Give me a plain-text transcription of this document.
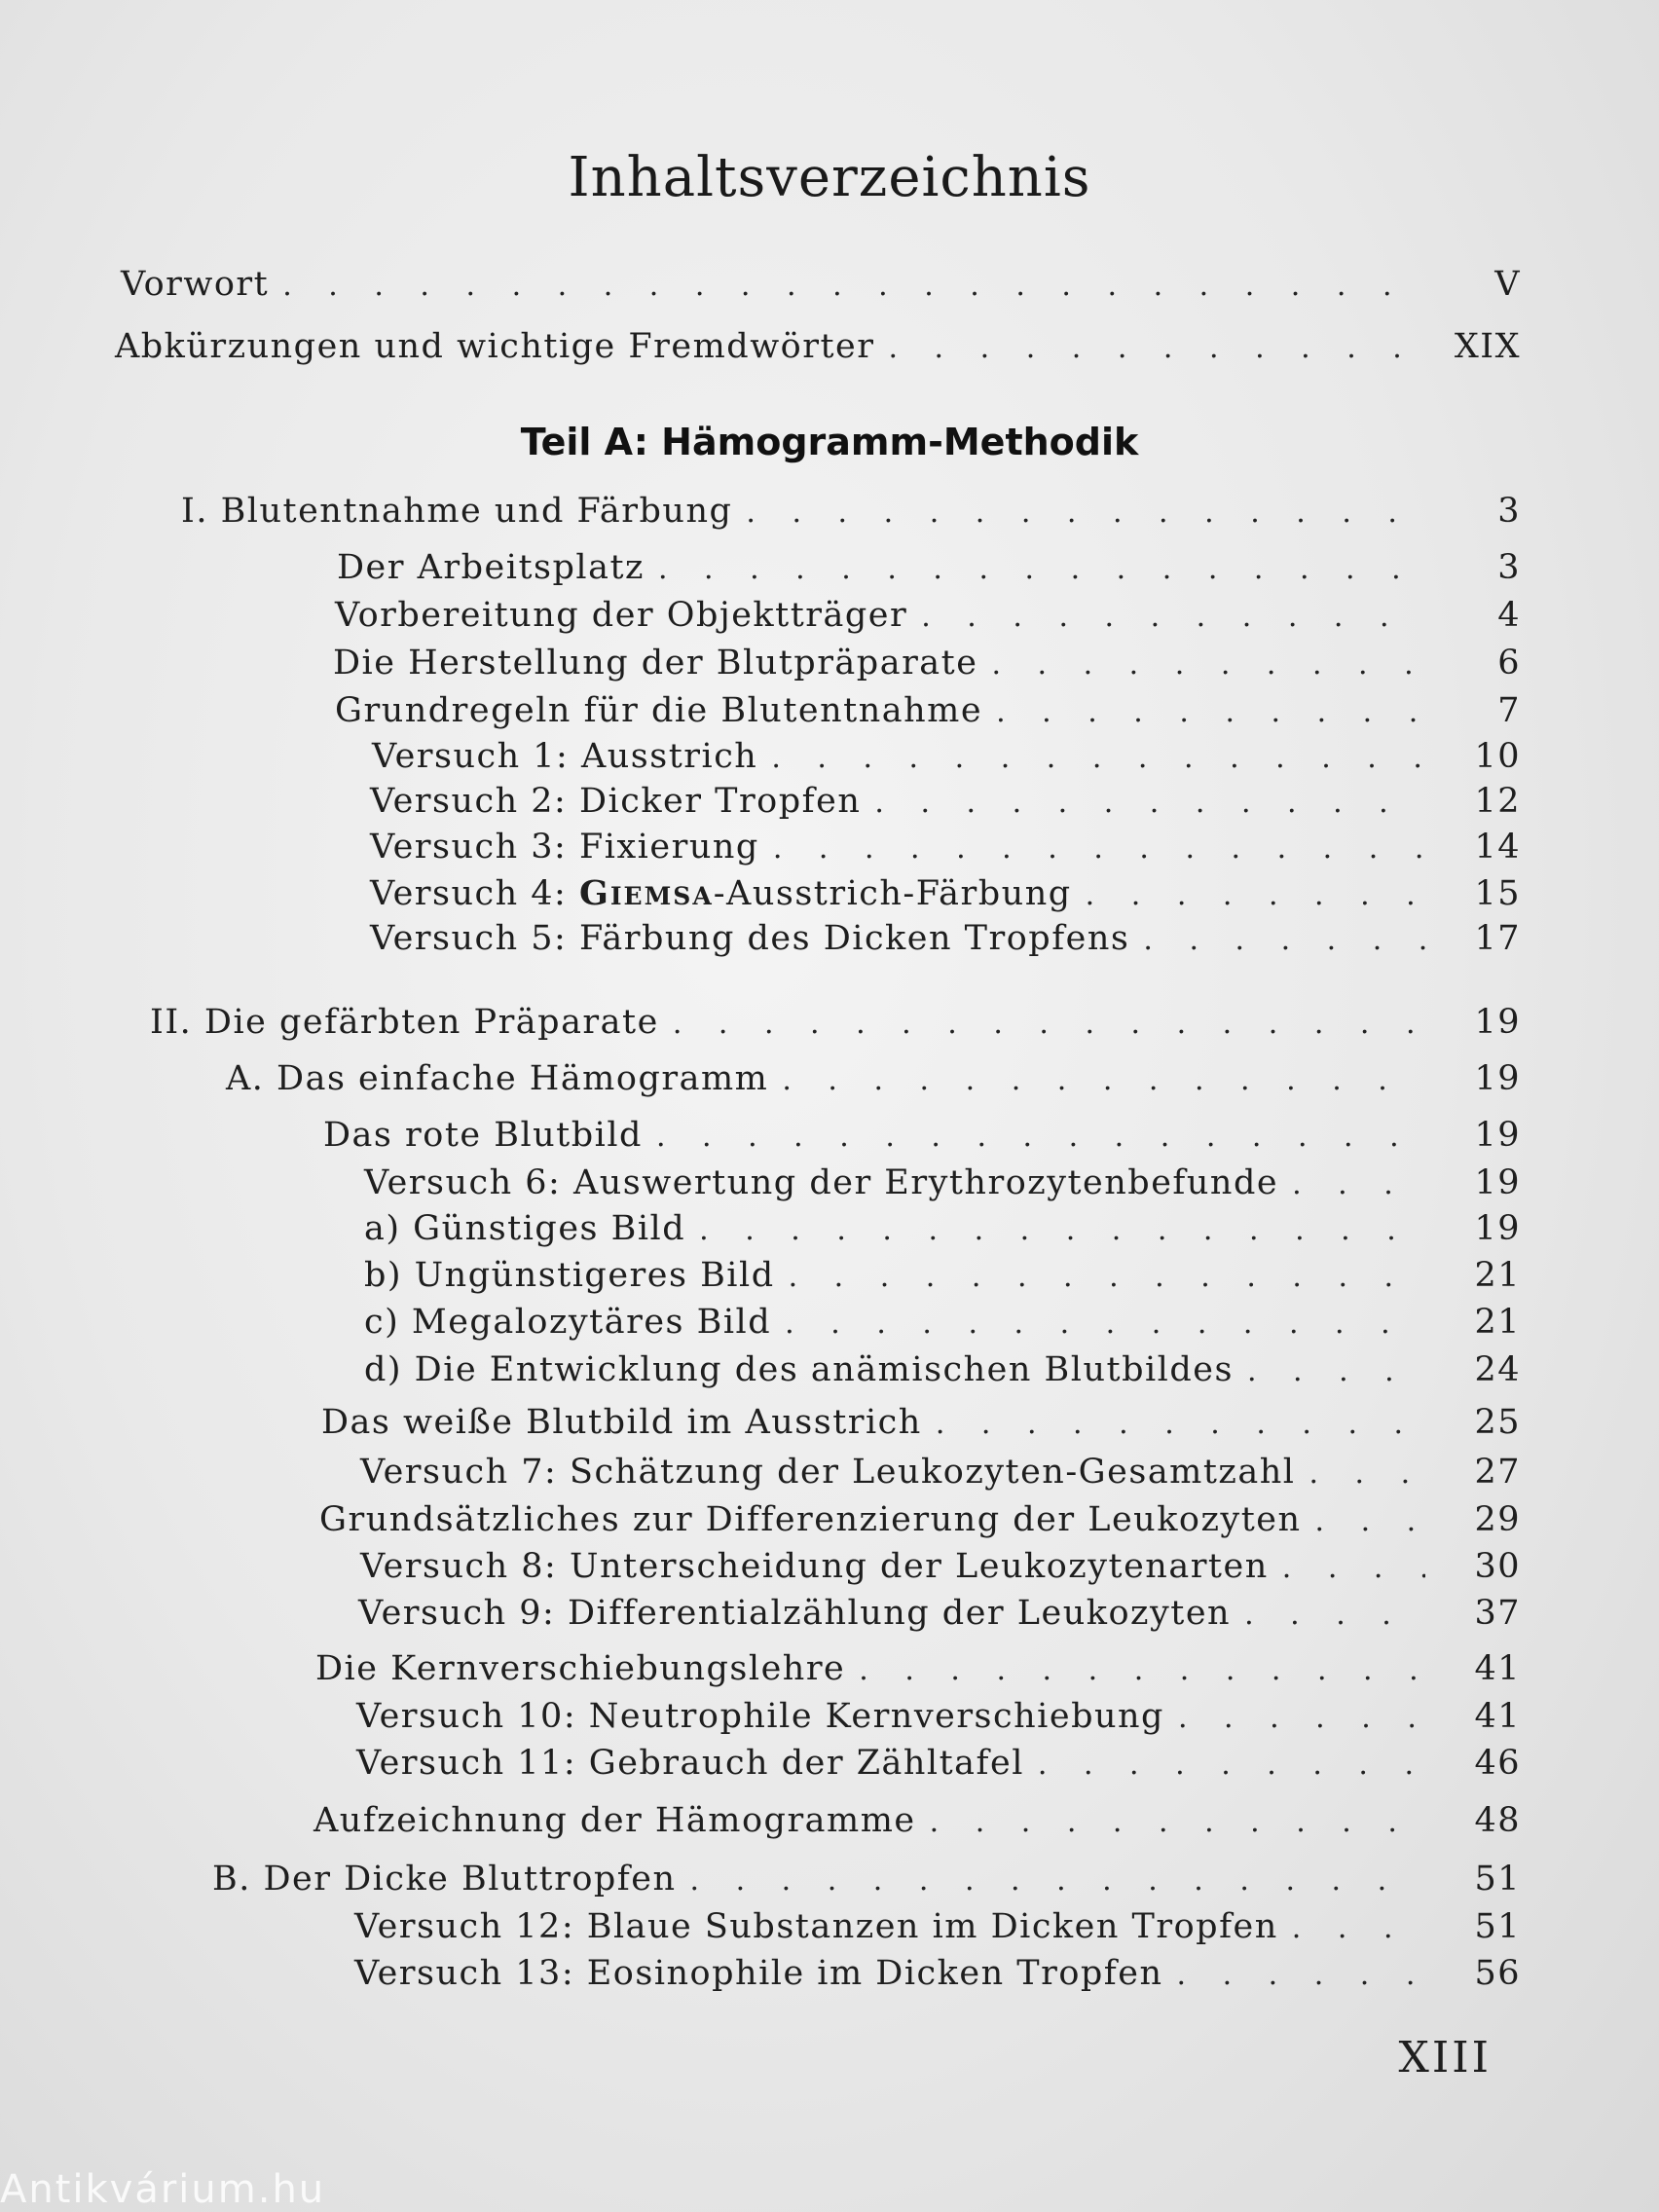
Inhaltsverzeichnis
Vorwort . . .	V
Abkürzungen und wichtige Fremdwörter . . .	XIX
Teil A: Hämogramm-Methodik
I. Blutentnahme und Färbung . . .	3
Der Arbeitsplatz . . .	3
Vorbereitung der Objektträger . . .	4
Die Herstellung der Blutpräparate . . .	6
Grundregeln für die Blutentnahme . . .	7
Versuch 1: Ausstrich . . .	10
Versuch 2: Dicker Tropfen . . .	12
Versuch 3: Fixierung . . .	14
Versuch 4: Giemsa-Ausstrich-Färbung . . .	15
Versuch 5: Färbung des Dicken Tropfens . . .	17
II. Die gefärbten Präparate . . .	19
A. Das einfache Hämogramm . . .	19
Das rote Blutbild . . .	19
Versuch 6: Auswertung der Erythrozytenbefunde . . .	19
a) Günstiges Bild . . .	19
b) Ungünstigeres Bild . . .	21
c) Megalozytäres Bild . . .	21
d) Die Entwicklung des anämischen Blutbildes . . .	24
Das weiße Blutbild im Ausstrich . . .	25
Versuch 7: Schätzung der Leukozyten-Gesamtzahl . . .	27
Grundsätzliches zur Differenzierung der Leukozyten . . .	29
Versuch 8: Unterscheidung der Leukozytenarten . . .	30
Versuch 9: Differentialzählung der Leukozyten . . .	37
Die Kernverschiebungslehre . . .	41
Versuch 10: Neutrophile Kernverschiebung . . .	41
Versuch 11: Gebrauch der Zähltafel . . .	46
Aufzeichnung der Hämogramme . . .	48
B. Der Dicke Bluttropfen . . .	51
Versuch 12: Blaue Substanzen im Dicken Tropfen . . .	51
Versuch 13: Eosinophile im Dicken Tropfen . . .	56
XIII
Antikvárium.hu
